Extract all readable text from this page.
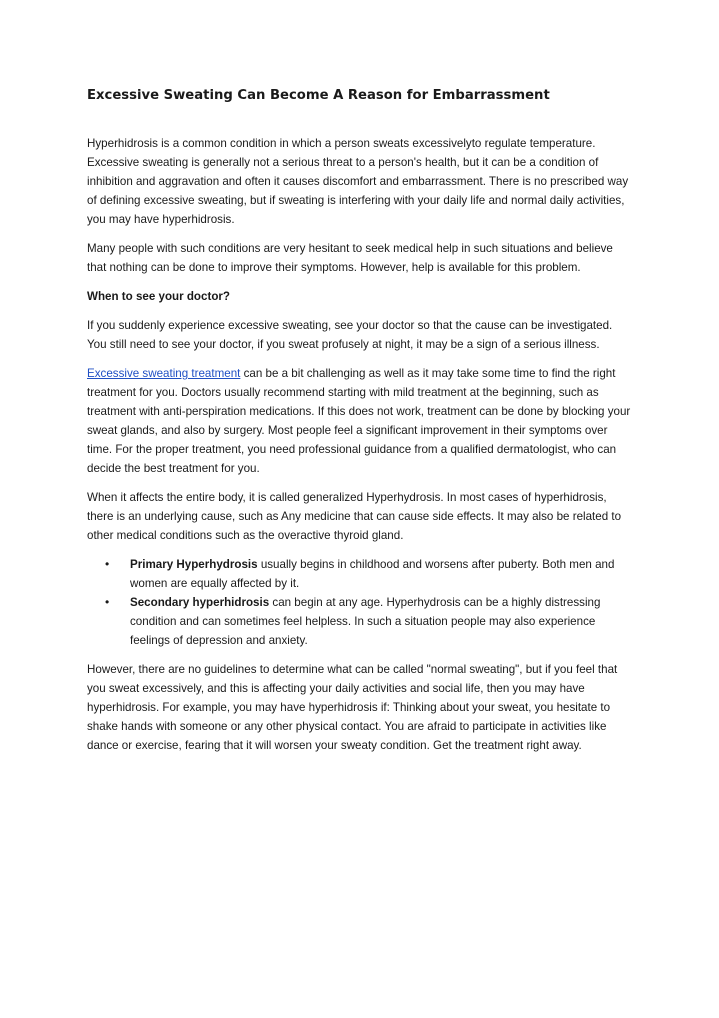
Excessive Sweating Can Become A Reason for Embarrassment

Hyperhidrosis is a common condition in which a person sweats excessivelyto regulate temperature. Excessive sweating is generally not a serious threat to a person's health, but it can be a condition of inhibition and aggravation and often it causes discomfort and embarrassment. There is no prescribed way of defining excessive sweating, but if sweating is interfering with your daily life and normal daily activities, you may have hyperhidrosis.

Many people with such conditions are very hesitant to seek medical help in such situations and believe that nothing can be done to improve their symptoms. However, help is available for this problem.

When to see your doctor?

If you suddenly experience excessive sweating, see your doctor so that the cause can be investigated. You still need to see your doctor, if you sweat profusely at night, it may be a sign of a serious illness.

Excessive sweating treatment can be a bit challenging as well as it may take some time to find the right treatment for you. Doctors usually recommend starting with mild treatment at the beginning, such as treatment with anti-perspiration medications. If this does not work, treatment can be done by blocking your sweat glands, and also by surgery. Most people feel a significant improvement in their symptoms over time. For the proper treatment, you need professional guidance from a qualified dermatologist, who can decide the best treatment for you.

When it affects the entire body, it is called generalized Hyperhydrosis. In most cases of hyperhidrosis, there is an underlying cause, such as Any medicine that can cause side effects. It may also be related to other medical conditions such as the overactive thyroid gland.

• Primary Hyperhydrosis usually begins in childhood and worsens after puberty. Both men and women are equally affected by it.
• Secondary hyperhidrosis can begin at any age. Hyperhydrosis can be a highly distressing condition and can sometimes feel helpless. In such a situation people may also experience feelings of depression and anxiety.

However, there are no guidelines to determine what can be called "normal sweating", but if you feel that you sweat excessively, and this is affecting your daily activities and social life, then you may have hyperhidrosis. For example, you may have hyperhidrosis if: Thinking about your sweat, you hesitate to shake hands with someone or any other physical contact. You are afraid to participate in activities like dance or exercise, fearing that it will worsen your sweaty condition. Get the treatment right away.
